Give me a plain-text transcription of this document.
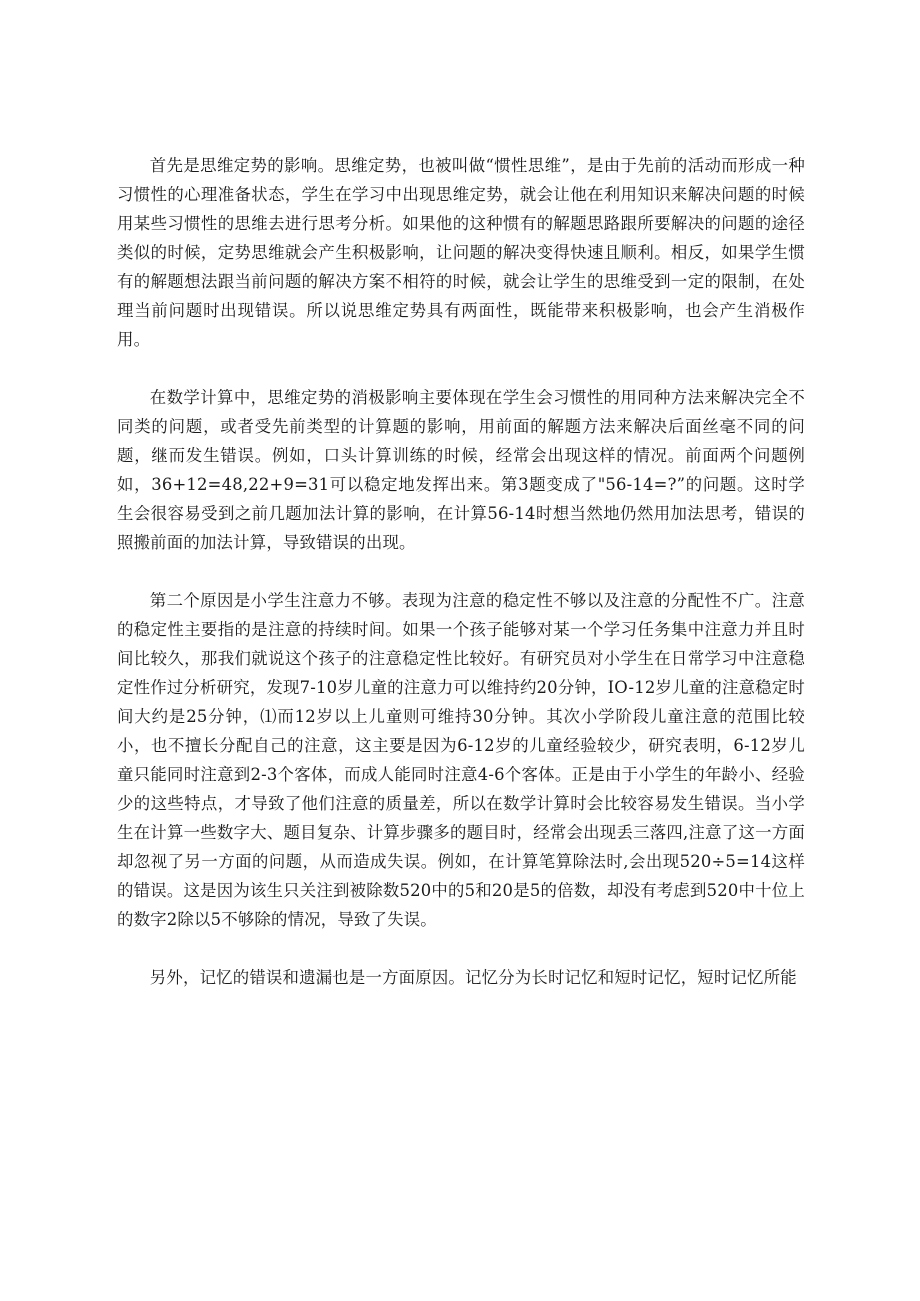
首先是思维定势的影响。思维定势，也被叫做“惯性思维”，是由于先前的活动而形成一种习惯性的心理准备状态，学生在学习中出现思维定势，就会让他在利用知识来解决问题的时候用某些习惯性的思维去进行思考分析。如果他的这种惯有的解题思路跟所要解决的问题的途径类似的时候，定势思维就会产生积极影响，让问题的解决变得快速且顺利。相反，如果学生惯有的解题想法跟当前问题的解决方案不相符的时候，就会让学生的思维受到一定的限制，在处理当前问题时出现错误。所以说思维定势具有两面性，既能带来积极影响，也会产生消极作用。

在数学计算中，思维定势的消极影响主要体现在学生会习惯性的用同种方法来解决完全不同类的问题，或者受先前类型的计算题的影响，用前面的解题方法来解决后面丝毫不同的问题，继而发生错误。例如，口头计算训练的时候，经常会出现这样的情况。前面两个问题例如，36+12=48,22+9=31可以稳定地发挥出来。第3题变成了"56-14=?”的问题。这时学生会很容易受到之前几题加法计算的影响，在计算56-14时想当然地仍然用加法思考，错误的照搬前面的加法计算，导致错误的出现。

第二个原因是小学生注意力不够。表现为注意的稳定性不够以及注意的分配性不广。注意的稳定性主要指的是注意的持续时间。如果一个孩子能够对某一个学习任务集中注意力并且时间比较久，那我们就说这个孩子的注意稳定性比较好。有研究员对小学生在日常学习中注意稳定性作过分析研究，发现7-10岁儿童的注意力可以维持约20分钟，IO-12岁儿童的注意稳定时间大约是25分钟，⑴而12岁以上儿童则可维持30分钟。其次小学阶段儿童注意的范围比较小，也不擅长分配自己的注意，这主要是因为6-12岁的儿童经验较少，研究表明，6-12岁儿童只能同时注意到2-3个客体，而成人能同时注意4-6个客体。正是由于小学生的年龄小、经验少的这些特点，才导致了他们注意的质量差，所以在数学计算时会比较容易发生错误。当小学生在计算一些数字大、题目复杂、计算步骤多的题目时，经常会出现丢三落四,注意了这一方面却忽视了另一方面的问题，从而造成失误。例如，在计算笔算除法时,会出现520÷5=14这样的错误。这是因为该生只关注到被除数520中的5和20是5的倍数，却没有考虑到520中十位上的数字2除以5不够除的情况，导致了失误。

另外，记忆的错误和遗漏也是一方面原因。记忆分为长时记忆和短时记忆，短时记忆所能
